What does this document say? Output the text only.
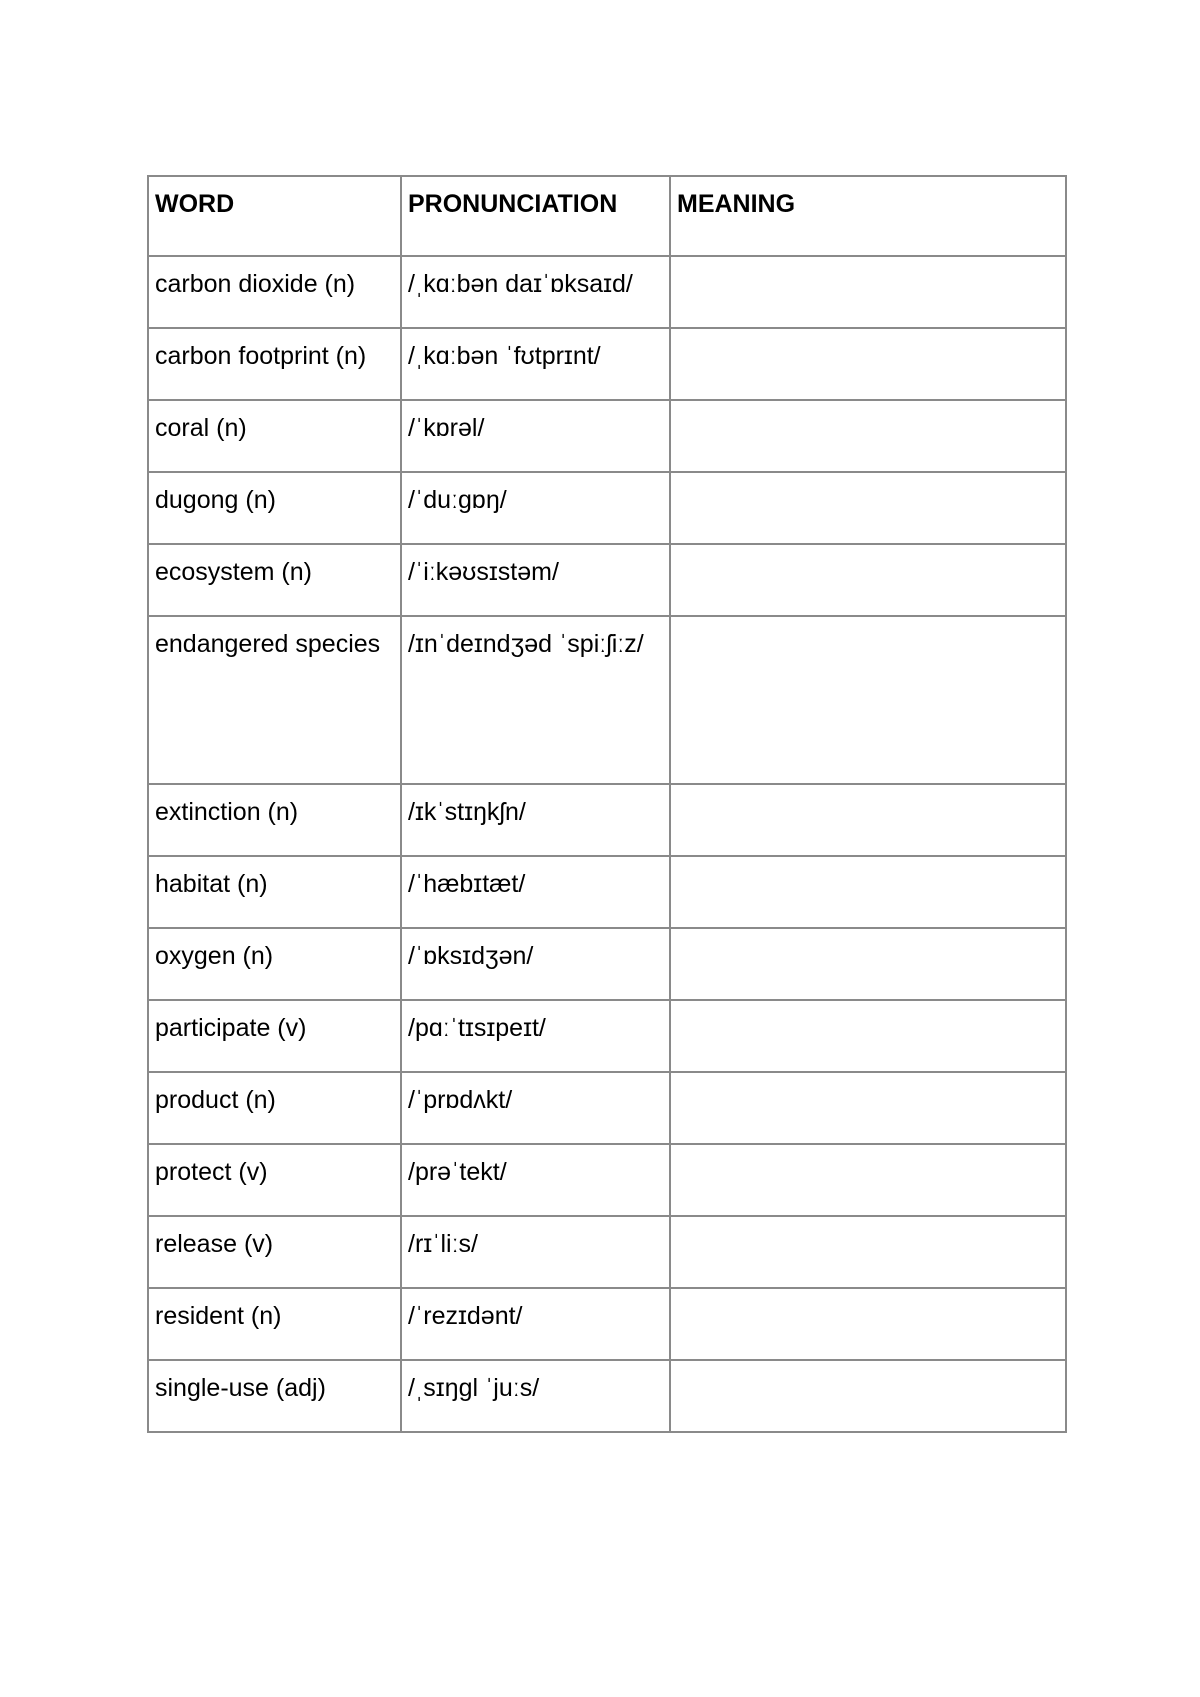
WORD	PRONUNCIATION	MEANING
carbon dioxide (n)	/ˌkɑːbən daɪˈɒksaɪd/	
carbon footprint (n)	/ˌkɑːbən ˈfʊtprɪnt/	
coral (n)	/ˈkɒrəl/	
dugong (n)	/ˈduːgɒŋ/	
ecosystem (n)	/ˈiːkəʊsɪstəm/	
endangered species	/ɪnˈdeɪndʒəd ˈspiːʃiːz/	
extinction (n)	/ɪkˈstɪŋkʃn/	
habitat (n)	/ˈhæbɪtæt/	
oxygen (n)	/ˈɒksɪdʒən/	
participate (v)	/pɑːˈtɪsɪpeɪt/	
product (n)	/ˈprɒdʌkt/	
protect (v)	/prəˈtekt/	
release (v)	/rɪˈliːs/	
resident (n)	/ˈrezɪdənt/	
single-use (adj)	/ˌsɪŋgl ˈjuːs/	
